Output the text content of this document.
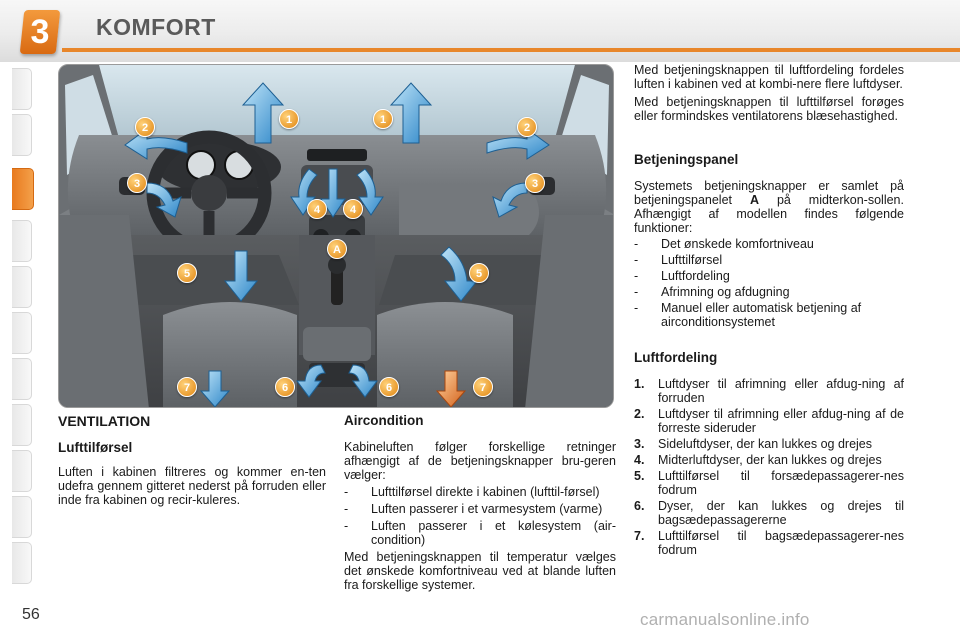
3	KOMFORT
1	1
2	2
3	3
4	4
A
5	5
6	6
7	7
VENTILATION
Lufttilførsel
Luften i kabinen filtreres og kommer en-ten udefra gennem gitteret nederst på forruden eller inde fra kabinen og recir-kuleres.
Aircondition
Kabineluften følger forskellige retninger afhængigt af de betjeningsknapper bru-geren vælger:
- Lufttilførsel direkte i kabinen (lufttil-førsel)
- Luften passerer i et varmesystem (varme)
- Luften passerer i et kølesystem (air-condition)
Med betjeningsknappen til temperatur vælges det ønskede komfortniveau ved at blande luften fra forskellige systemer.
Med betjeningsknappen til luftfordeling fordeles luften i kabinen ved at kombi-nere flere luftdyser.
Med betjeningsknappen til lufttilførsel forøges eller formindskes ventilatorens blæsehastighed.
Betjeningspanel
Systemets betjeningsknapper er samlet på betjeningspanelet A på midterkon-sollen. Afhængigt af modellen findes følgende funktioner:
- Det ønskede komfortniveau
- Lufttilførsel
- Luftfordeling
- Afrimning og afdugning
- Manuel eller automatisk betjening af airconditionsystemet
Luftfordeling
1. Luftdyser til afrimning eller afdug-ning af forruden
2. Luftdyser til afrimning eller afdug-ning af de forreste sideruder
3. Sideluftdyser, der kan lukkes og drejes
4. Midterluftdyser, der kan lukkes og drejes
5. Lufttilførsel til forsædepassagerer-nes fodrum
6. Dyser, der kan lukkes og drejes til bagsædepassagererne
7. Lufttilførsel til bagsædepassagerer-nes fodrum
56	carmanualsonline.info
